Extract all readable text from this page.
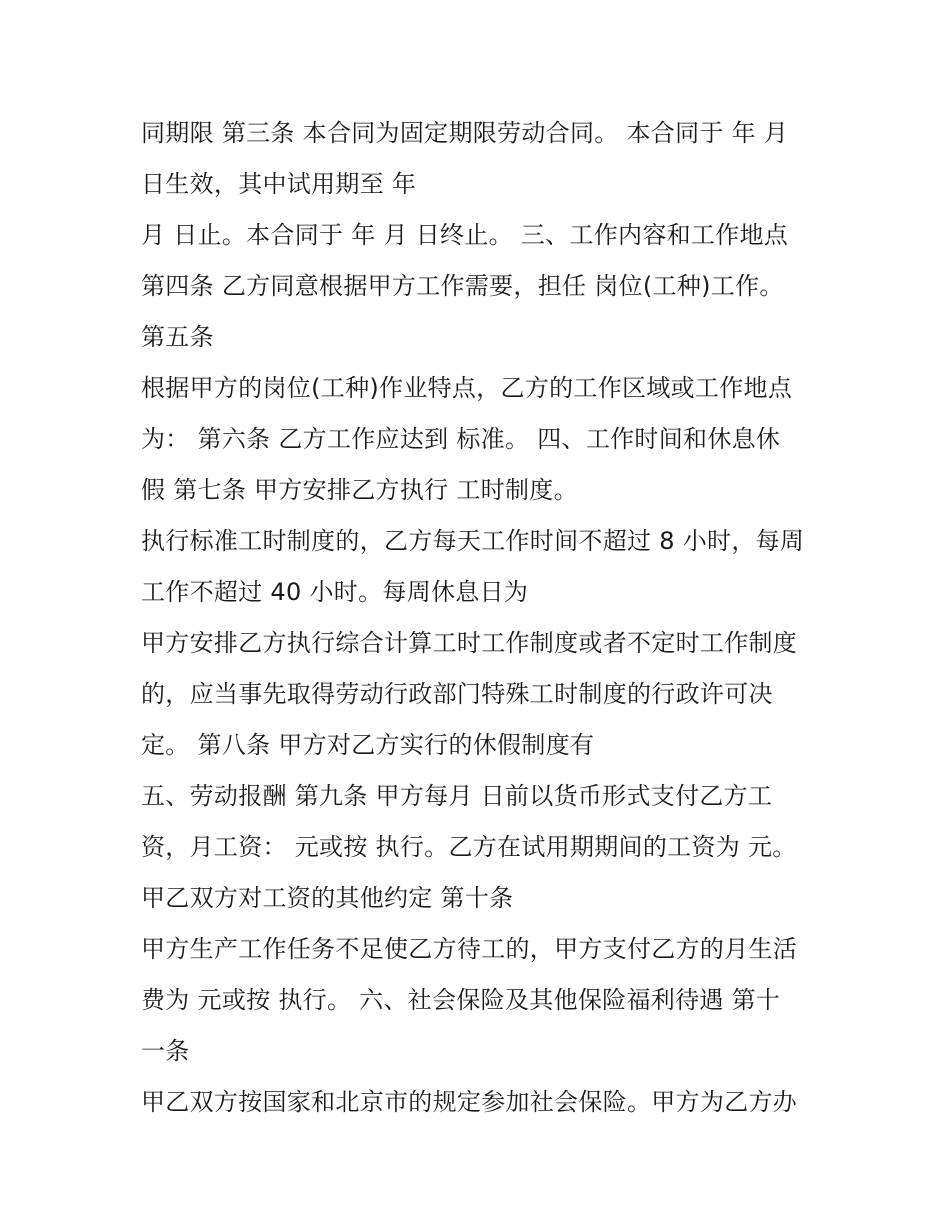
同期限 第三条 本合同为固定期限劳动合同。 本合同于 年 月
日生效，其中试用期至 年
月 日止。本合同于 年 月 日终止。 三、工作内容和工作地点
第四条 乙方同意根据甲方工作需要，担任 岗位(工种)工作。
第五条
根据甲方的岗位(工种)作业特点，乙方的工作区域或工作地点
为： 第六条 乙方工作应达到 标准。 四、工作时间和休息休
假 第七条 甲方安排乙方执行 工时制度。
执行标准工时制度的，乙方每天工作时间不超过 8 小时，每周
工作不超过 40 小时。每周休息日为
甲方安排乙方执行综合计算工时工作制度或者不定时工作制度
的，应当事先取得劳动行政部门特殊工时制度的行政许可决
定。 第八条 甲方对乙方实行的休假制度有
五、劳动报酬 第九条 甲方每月 日前以货币形式支付乙方工
资，月工资： 元或按 执行。乙方在试用期期间的工资为 元。
甲乙双方对工资的其他约定 第十条
甲方生产工作任务不足使乙方待工的，甲方支付乙方的月生活
费为 元或按 执行。 六、社会保险及其他保险福利待遇 第十
一条
甲乙双方按国家和北京市的规定参加社会保险。甲方为乙方办
